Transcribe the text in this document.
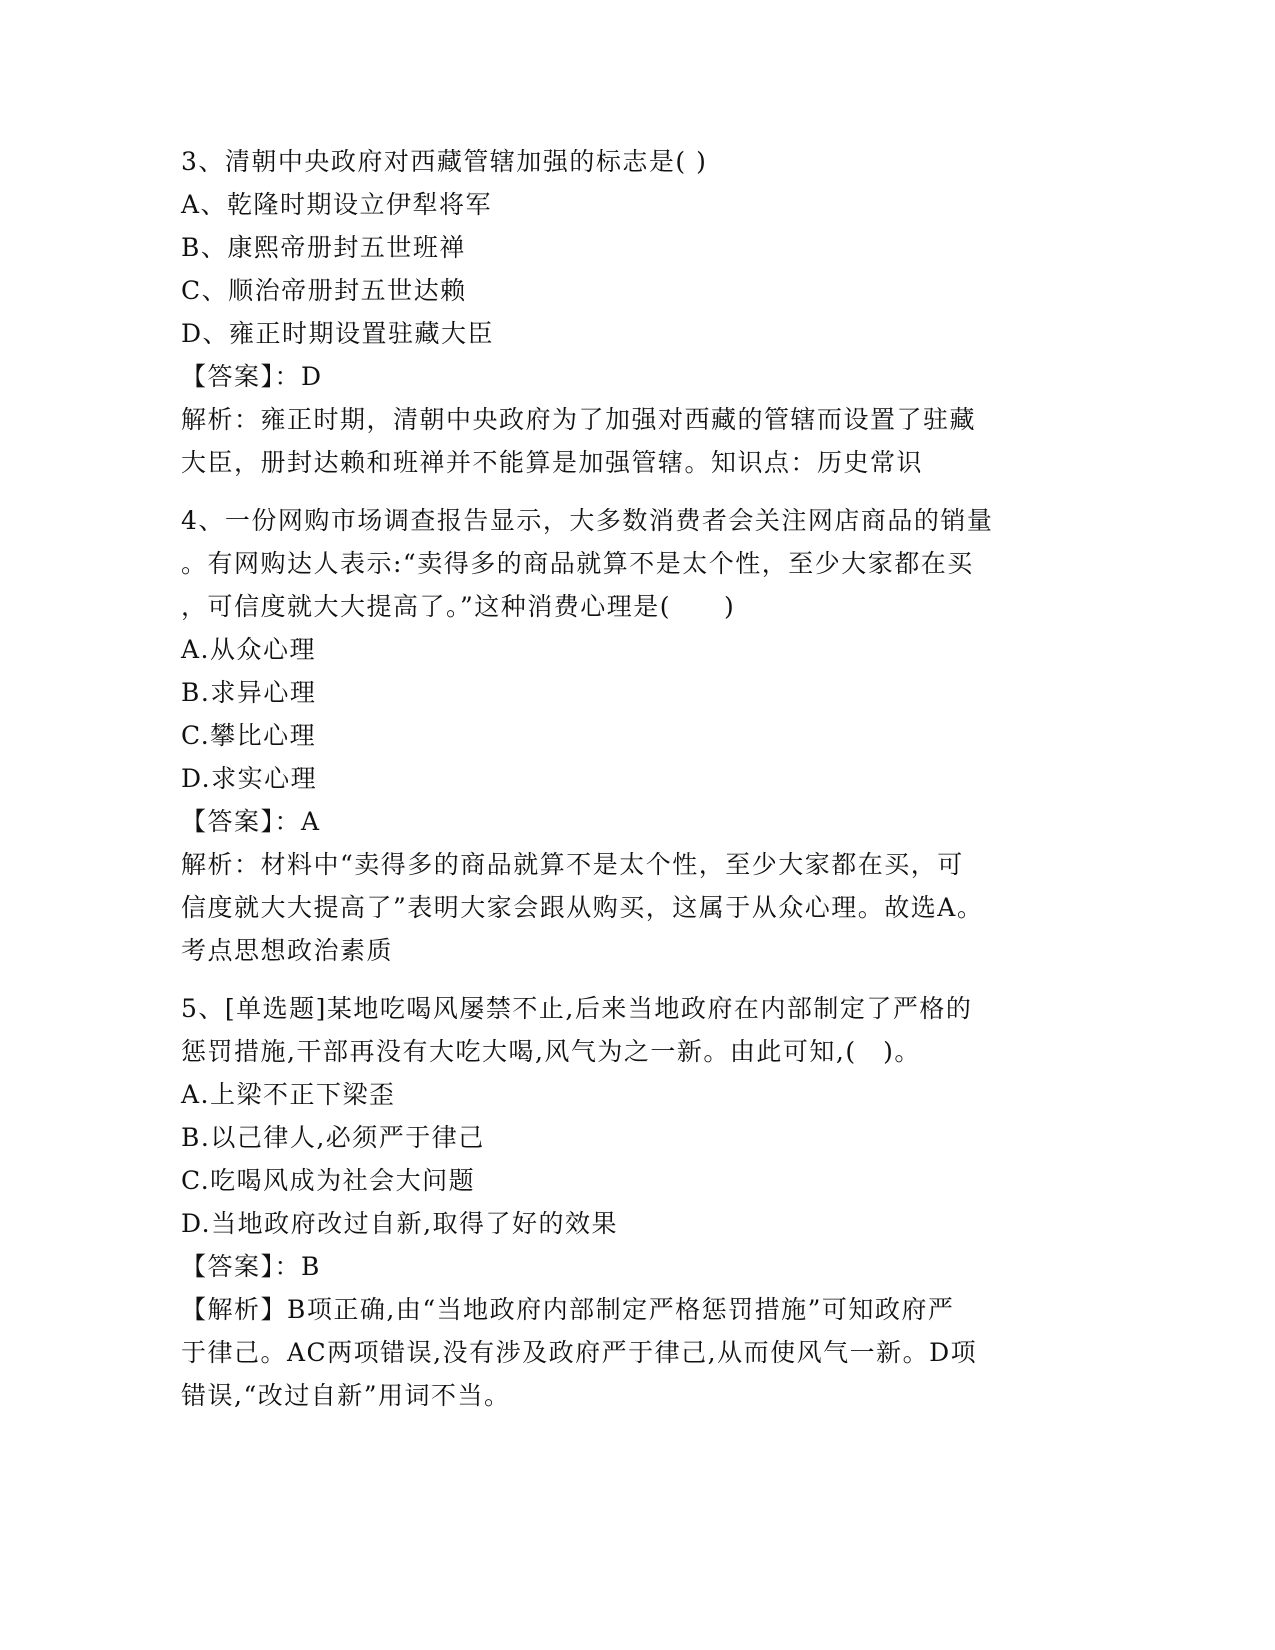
3、清朝中央政府对西藏管辖加强的标志是( )
A、乾隆时期设立伊犁将军
B、康熙帝册封五世班禅
C、顺治帝册封五世达赖
D、雍正时期设置驻藏大臣
【答案】：D
解析：雍正时期，清朝中央政府为了加强对西藏的管辖而设置了驻藏
大臣，册封达赖和班禅并不能算是加强管辖。知识点：历史常识
4、一份网购市场调查报告显示，大多数消费者会关注网店商品的销量
。有网购达人表示:“卖得多的商品就算不是太个性，至少大家都在买
，可信度就大大提高了。”这种消费心理是(　　)
A.从众心理
B.求异心理
C.攀比心理
D.求实心理
【答案】：A
解析：材料中“卖得多的商品就算不是太个性，至少大家都在买，可
信度就大大提高了”表明大家会跟从购买，这属于从众心理。故选A。
考点思想政治素质
5、[单选题]某地吃喝风屡禁不止,后来当地政府在内部制定了严格的
惩罚措施,干部再没有大吃大喝,风气为之一新。由此可知,(　)。
A.上梁不正下梁歪
B.以己律人,必须严于律己
C.吃喝风成为社会大问题
D.当地政府改过自新,取得了好的效果
【答案】：B
【解析】B项正确,由“当地政府内部制定严格惩罚措施”可知政府严
于律己。AC两项错误,没有涉及政府严于律己,从而使风气一新。D项
错误,“改过自新”用词不当。
